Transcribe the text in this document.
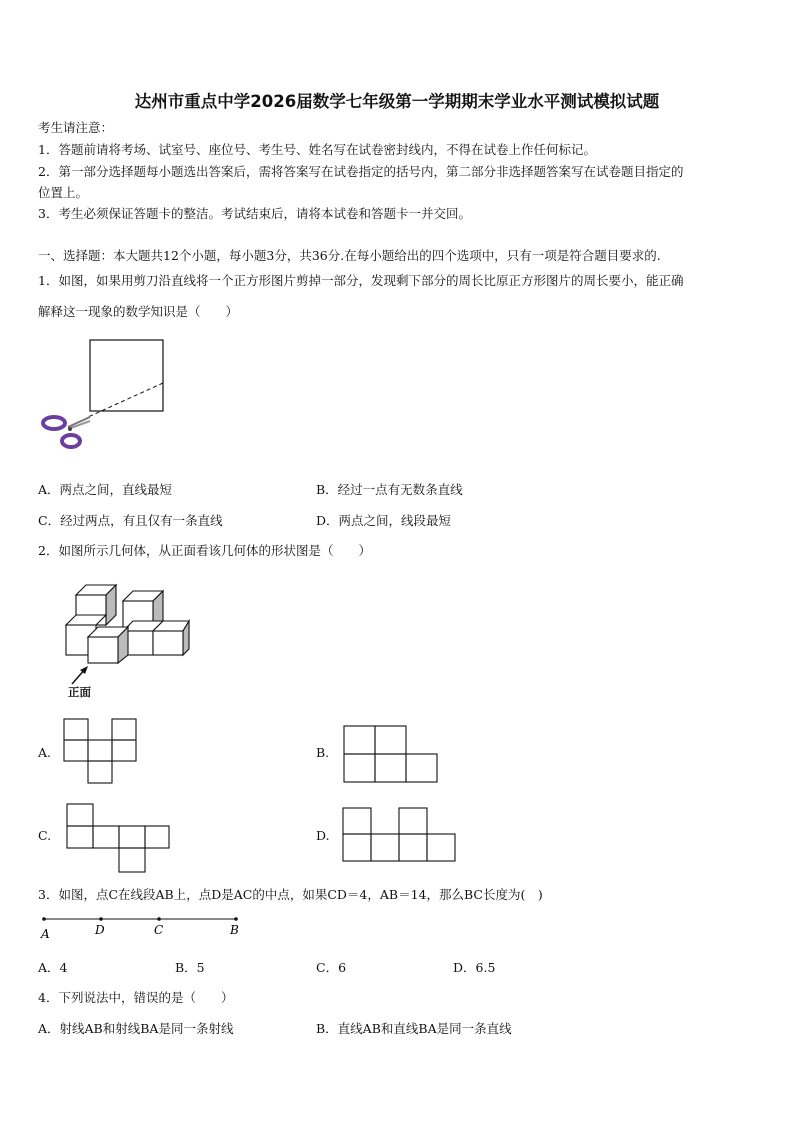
达州市重点中学2026届数学七年级第一学期期末学业水平测试模拟试题
考生请注意：
1．答题前请将考场、试室号、座位号、考生号、姓名写在试卷密封线内，不得在试卷上作任何标记。
2．第一部分选择题每小题选出答案后，需将答案写在试卷指定的括号内，第二部分非选择题答案写在试卷题目指定的
位置上。
3．考生必须保证答题卡的整洁。考试结束后，请将本试卷和答题卡一并交回。
一、选择题：本大题共12个小题，每小题3分，共36分.在每小题给出的四个选项中，只有一项是符合题目要求的.
1．如图，如果用剪刀沿直线将一个正方形图片剪掉一部分，发现剩下部分的周长比原正方形图片的周长要小，能正确
解释这一现象的数学知识是（　　）
A．两点之间，直线最短	B．经过一点有无数条直线
C．经过两点，有且仅有一条直线	D．两点之间，线段最短
2．如图所示几何体，从正面看该几何体的形状图是（　　）
正面
A.	B.
C.	D.
3．如图，点C在线段AB上，点D是AC的中点，如果CD＝4，AB＝14，那么BC长度为(　)
A	D	C	B
A．4	B．5	C．6	D．6.5
4．下列说法中，错误的是（　　）
A．射线AB和射线BA是同一条射线	B．直线AB和直线BA是同一条直线
